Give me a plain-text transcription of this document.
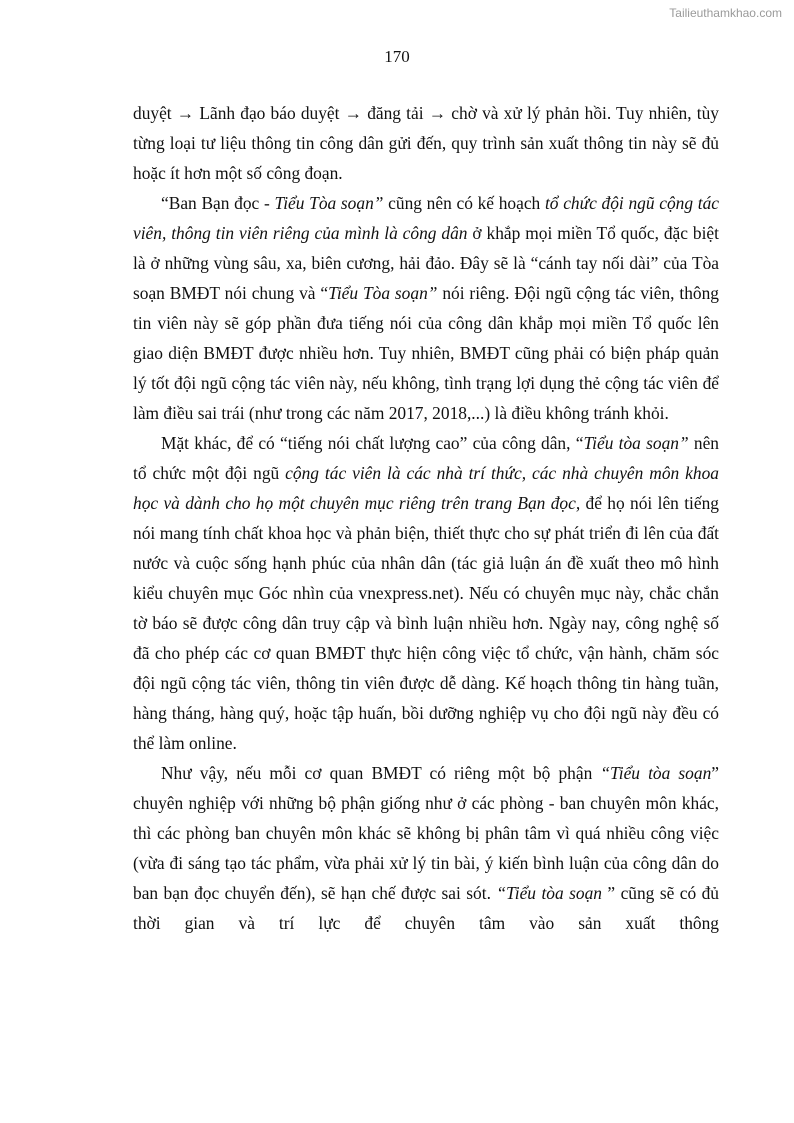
Tailieuthamkhao.com
170

duyệt → Lãnh đạo báo duyệt → đăng tải → chờ và xử lý phản hồi. Tuy nhiên, tùy từng loại tư liệu thông tin công dân gửi đến, quy trình sản xuất thông tin này sẽ đủ hoặc ít hơn một số công đoạn.

“Ban Bạn đọc - Tiểu Tòa soạn” cũng nên có kế hoạch tổ chức đội ngũ cộng tác viên, thông tin viên riêng của mình là công dân ở khắp mọi miền Tổ quốc, đặc biệt là ở những vùng sâu, xa, biên cương, hải đảo. Đây sẽ là “cánh tay nối dài” của Tòa soạn BMĐT nói chung và “Tiểu Tòa soạn” nói riêng. Đội ngũ cộng tác viên, thông tin viên này sẽ góp phần đưa tiếng nói của công dân khắp mọi miền Tổ quốc lên giao diện BMĐT được nhiều hơn. Tuy nhiên, BMĐT cũng phải có biện pháp quản lý tốt đội ngũ cộng tác viên này, nếu không, tình trạng lợi dụng thẻ cộng tác viên để làm điều sai trái (như trong các năm 2017, 2018,...) là điều không tránh khỏi.

Mặt khác, để có “tiếng nói chất lượng cao” của công dân, “Tiểu tòa soạn” nên tổ chức một đội ngũ cộng tác viên là các nhà trí thức, các nhà chuyên môn khoa học và dành cho họ một chuyên mục riêng trên trang Bạn đọc, để họ nói lên tiếng nói mang tính chất khoa học và phản biện, thiết thực cho sự phát triển đi lên của đất nước và cuộc sống hạnh phúc của nhân dân (tác giả luận án đề xuất theo mô hình kiểu chuyên mục Góc nhìn của vnexpress.net). Nếu có chuyên mục này, chắc chắn tờ báo sẽ được công dân truy cập và bình luận nhiều hơn. Ngày nay, công nghệ số đã cho phép các cơ quan BMĐT thực hiện công việc tổ chức, vận hành, chăm sóc đội ngũ cộng tác viên, thông tin viên được dễ dàng. Kế hoạch thông tin hàng tuần, hàng tháng, hàng quý, hoặc tập huấn, bồi dưỡng nghiệp vụ cho đội ngũ này đều có thể làm online.

Như vậy, nếu mỗi cơ quan BMĐT có riêng một bộ phận “Tiểu tòa soạn” chuyên nghiệp với những bộ phận giống như ở các phòng - ban chuyên môn khác, thì các phòng ban chuyên môn khác sẽ không bị phân tâm vì quá nhiều công việc (vừa đi sáng tạo tác phẩm, vừa phải xử lý tin bài, ý kiến bình luận của công dân do ban bạn đọc chuyển đến), sẽ hạn chế được sai sót. “Tiểu tòa soạn ” cũng sẽ có đủ thời gian và trí lực để chuyên tâm vào sản xuất thông
